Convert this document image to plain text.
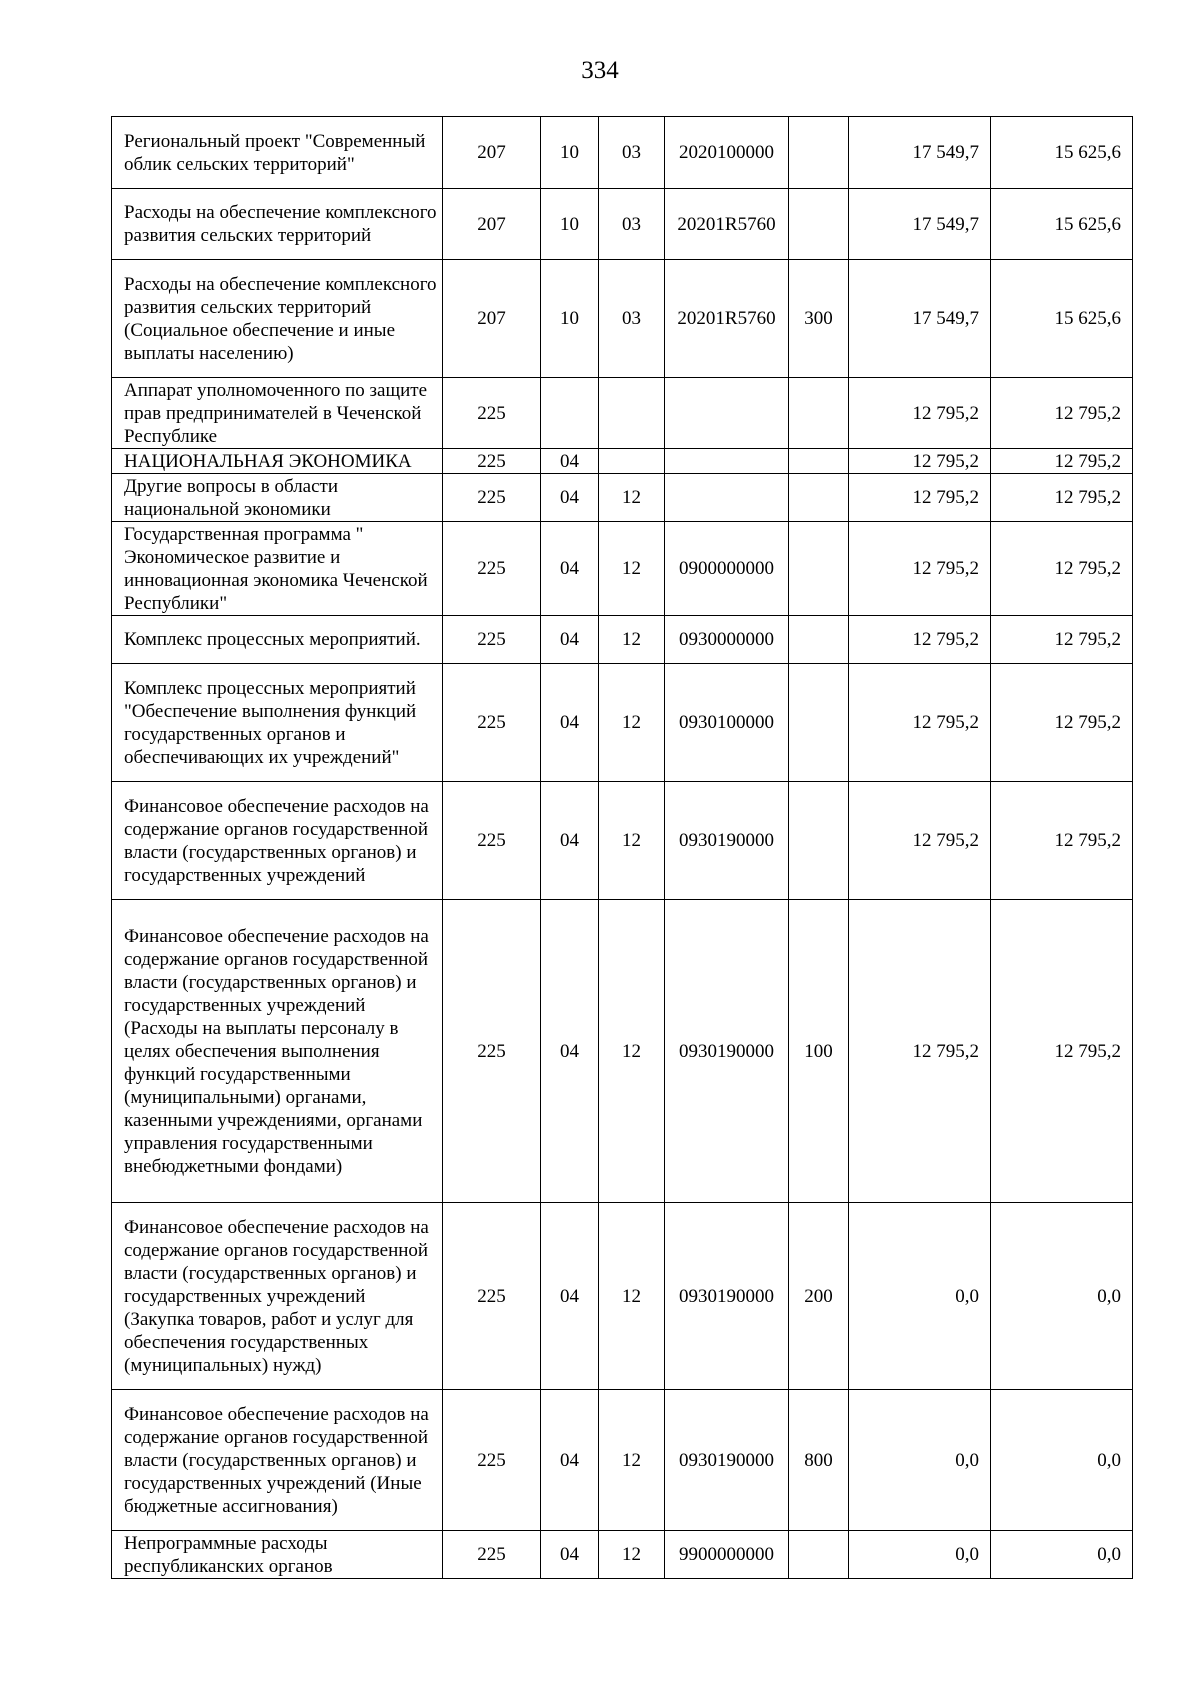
334
Региональный проект "Современный облик сельских территорий"	207	10	03	2020100000		17 549,7	15 625,6
Расходы на обеспечение комплексного развития сельских территорий	207	10	03	20201R5760		17 549,7	15 625,6
Расходы на обеспечение комплексного развития сельских территорий (Социальное обеспечение и иные выплаты населению)	207	10	03	20201R5760	300	17 549,7	15 625,6
Аппарат уполномоченного по защите прав предпринимателей в Чеченской Республике	225					12 795,2	12 795,2
НАЦИОНАЛЬНАЯ ЭКОНОМИКА	225	04				12 795,2	12 795,2
Другие вопросы в области национальной экономики	225	04	12			12 795,2	12 795,2
Государственная программа " Экономическое развитие и инновационная экономика Чеченской Республики"	225	04	12	0900000000		12 795,2	12 795,2
Комплекс процессных мероприятий.	225	04	12	0930000000		12 795,2	12 795,2
Комплекс процессных мероприятий "Обеспечение выполнения функций государственных органов и обеспечивающих их учреждений"	225	04	12	0930100000		12 795,2	12 795,2
Финансовое обеспечение расходов на содержание органов государственной власти (государственных органов) и государственных учреждений	225	04	12	0930190000		12 795,2	12 795,2
Финансовое обеспечение расходов на содержание органов государственной власти (государственных органов) и государственных учреждений (Расходы на выплаты персоналу в целях обеспечения выполнения функций государственными (муниципальными) органами, казенными учреждениями, органами управления государственными внебюджетными фондами)	225	04	12	0930190000	100	12 795,2	12 795,2
Финансовое обеспечение расходов на содержание органов государственной власти (государственных органов) и государственных учреждений (Закупка товаров, работ и услуг для обеспечения государственных (муниципальных) нужд)	225	04	12	0930190000	200	0,0	0,0
Финансовое обеспечение расходов на содержание органов государственной власти (государственных органов) и государственных учреждений (Иные бюджетные ассигнования)	225	04	12	0930190000	800	0,0	0,0
Непрограммные расходы республиканских органов	225	04	12	9900000000		0,0	0,0
